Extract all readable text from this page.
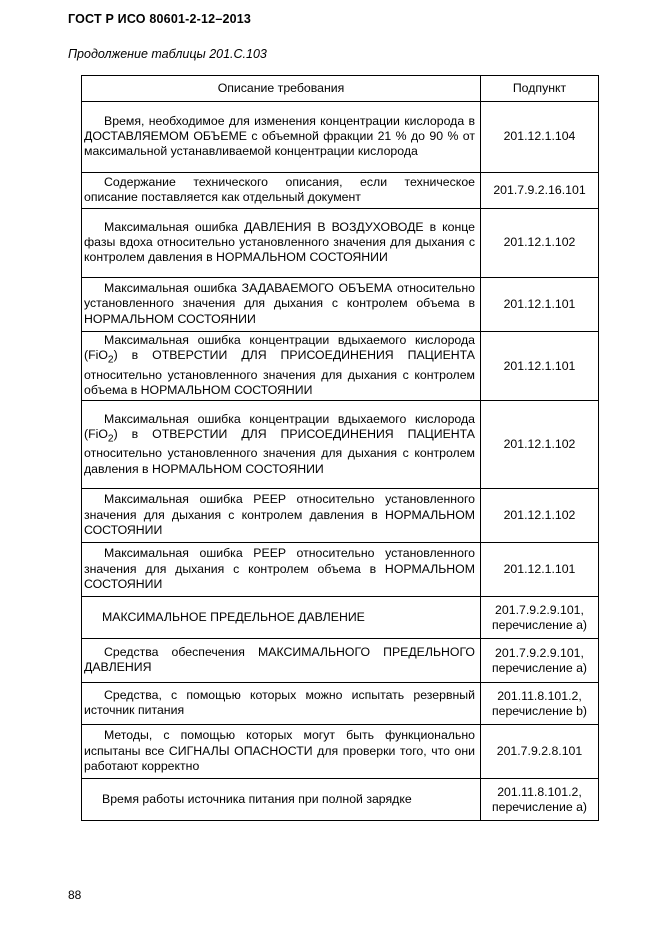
ГОСТ Р ИСО 80601-2-12–2013
Продолжение таблицы 201.С.103
Описание требования	Подпункт
Время, необходимое для изменения концентрации кислорода в ДОСТАВЛЯЕМОМ ОБЪЕМЕ с объемной фракции 21 % до 90 % от максимальной устанавливаемой концентрации кислорода	201.12.1.104
Содержание технического описания, если техническое описание поставляется как отдельный документ	201.7.9.2.16.101
Максимальная ошибка ДАВЛЕНИЯ В ВОЗДУХОВОДЕ в конце фазы вдоха относительно установленного значения для дыхания с контролем давления в НОРМАЛЬНОМ СОСТОЯНИИ	201.12.1.102
Максимальная ошибка ЗАДАВАЕМОГО ОБЪЕМА относительно установленного значения для дыхания с контролем объема в НОРМАЛЬНОМ СОСТОЯНИИ	201.12.1.101
Максимальная ошибка концентрации вдыхаемого кислорода (FiO$_2$) в ОТВЕРСТИИ ДЛЯ ПРИСОЕДИНЕНИЯ ПАЦИЕНТА относительно установленного значения для дыхания с контролем объема в НОРМАЛЬНОМ СОСТОЯНИИ	201.12.1.101
Максимальная ошибка концентрации вдыхаемого кислорода (FiO$_2$) в ОТВЕРСТИИ ДЛЯ ПРИСОЕДИНЕНИЯ ПАЦИЕНТА относительно установленного значения для дыхания с контролем давления в НОРМАЛЬНОМ СОСТОЯНИИ	201.12.1.102
Максимальная ошибка PEEP относительно установленного значения для дыхания с контролем давления в НОРМАЛЬНОМ СОСТОЯНИИ	201.12.1.102
Максимальная ошибка PEEP относительно установленного значения для дыхания с контролем объема в НОРМАЛЬНОМ СОСТОЯНИИ	201.12.1.101
МАКСИМАЛЬНОЕ ПРЕДЕЛЬНОЕ ДАВЛЕНИЕ	201.7.9.2.9.101,
перечисление a)
Средства обеспечения МАКСИМАЛЬНОГО ПРЕДЕЛЬНОГО ДАВЛЕНИЯ	201.7.9.2.9.101,
перечисление a)
Средства, с помощью которых можно испытать резервный источник питания	201.11.8.101.2,
перечисление b)
Методы, с помощью которых могут быть функционально испытаны все СИГНАЛЫ ОПАСНОСТИ для проверки того, что они работают корректно	201.7.9.2.8.101
Время работы источника питания при полной зарядке	201.11.8.101.2,
перечисление a)
88
